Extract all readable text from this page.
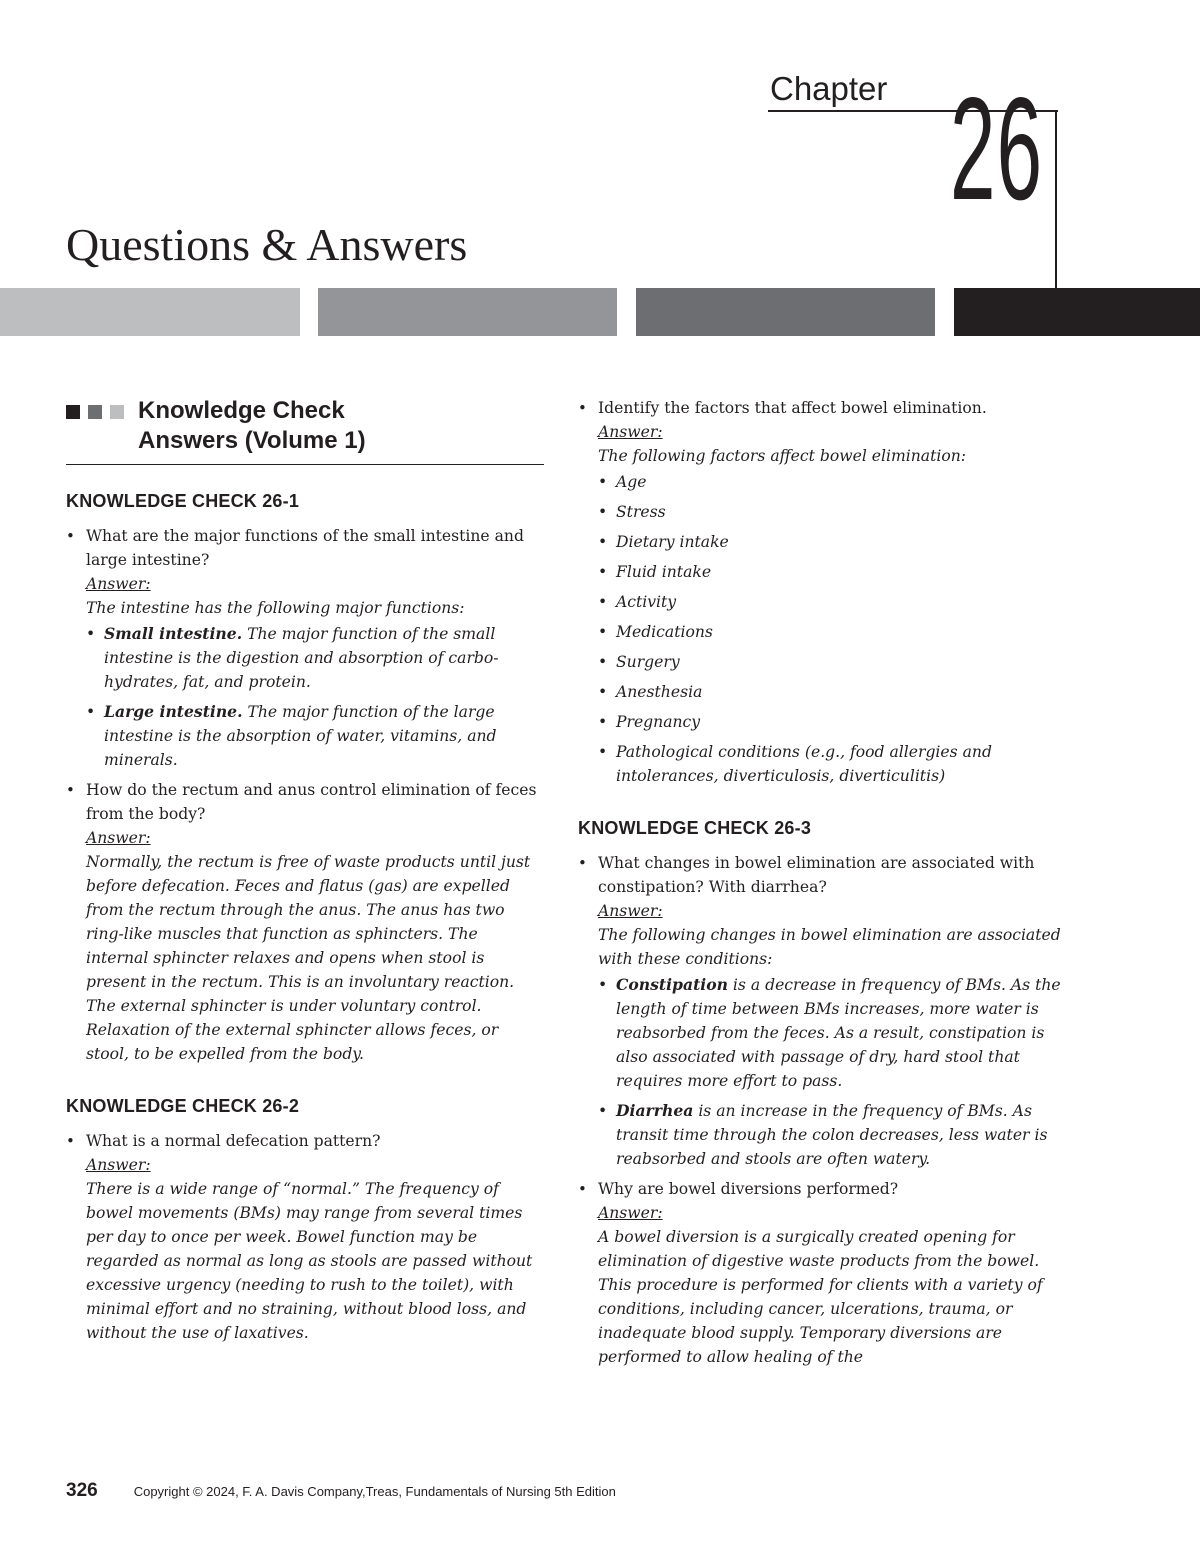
Chapter 26
Questions & Answers
Knowledge Check Answers (Volume 1)
KNOWLEDGE CHECK 26-1
• What are the major functions of the small intestine and large intestine?
Answer:
The intestine has the following major functions:
• Small intestine. The major function of the small intestine is the digestion and absorption of carbo-hydrates, fat, and protein.
• Large intestine. The major function of the large intestine is the absorption of water, vitamins, and minerals.
• How do the rectum and anus control elimination of feces from the body?
Answer:
Normally, the rectum is free of waste products until just before defecation. Feces and flatus (gas) are expelled from the rectum through the anus. The anus has two ring-like muscles that function as sphincters. The internal sphincter relaxes and opens when stool is present in the rectum. This is an involuntary reaction. The external sphincter is under voluntary control. Relaxation of the external sphincter allows feces, or stool, to be expelled from the body.
KNOWLEDGE CHECK 26-2
• What is a normal defecation pattern?
Answer:
There is a wide range of “normal.” The frequency of bowel movements (BMs) may range from several times per day to once per week. Bowel function may be regarded as normal as long as stools are passed without excessive urgency (needing to rush to the toilet), with minimal effort and no straining, without blood loss, and without the use of laxatives.
• Identify the factors that affect bowel elimination.
Answer:
The following factors affect bowel elimination:
• Age
• Stress
• Dietary intake
• Fluid intake
• Activity
• Medications
• Surgery
• Anesthesia
• Pregnancy
• Pathological conditions (e.g., food allergies and intolerances, diverticulosis, diverticulitis)
KNOWLEDGE CHECK 26-3
• What changes in bowel elimination are associated with constipation? With diarrhea?
Answer:
The following changes in bowel elimination are associated with these conditions:
• Constipation is a decrease in frequency of BMs. As the length of time between BMs increases, more water is reabsorbed from the feces. As a result, constipation is also associated with passage of dry, hard stool that requires more effort to pass.
• Diarrhea is an increase in the frequency of BMs. As transit time through the colon decreases, less water is reabsorbed and stools are often watery.
• Why are bowel diversions performed?
Answer:
A bowel diversion is a surgically created opening for elimination of digestive waste products from the bowel. This procedure is performed for clients with a variety of conditions, including cancer, ulcerations, trauma, or inadequate blood supply. Temporary diversions are performed to allow healing of the
326	Copyright © 2024, F. A. Davis Company,Treas, Fundamentals of Nursing 5th Edition
